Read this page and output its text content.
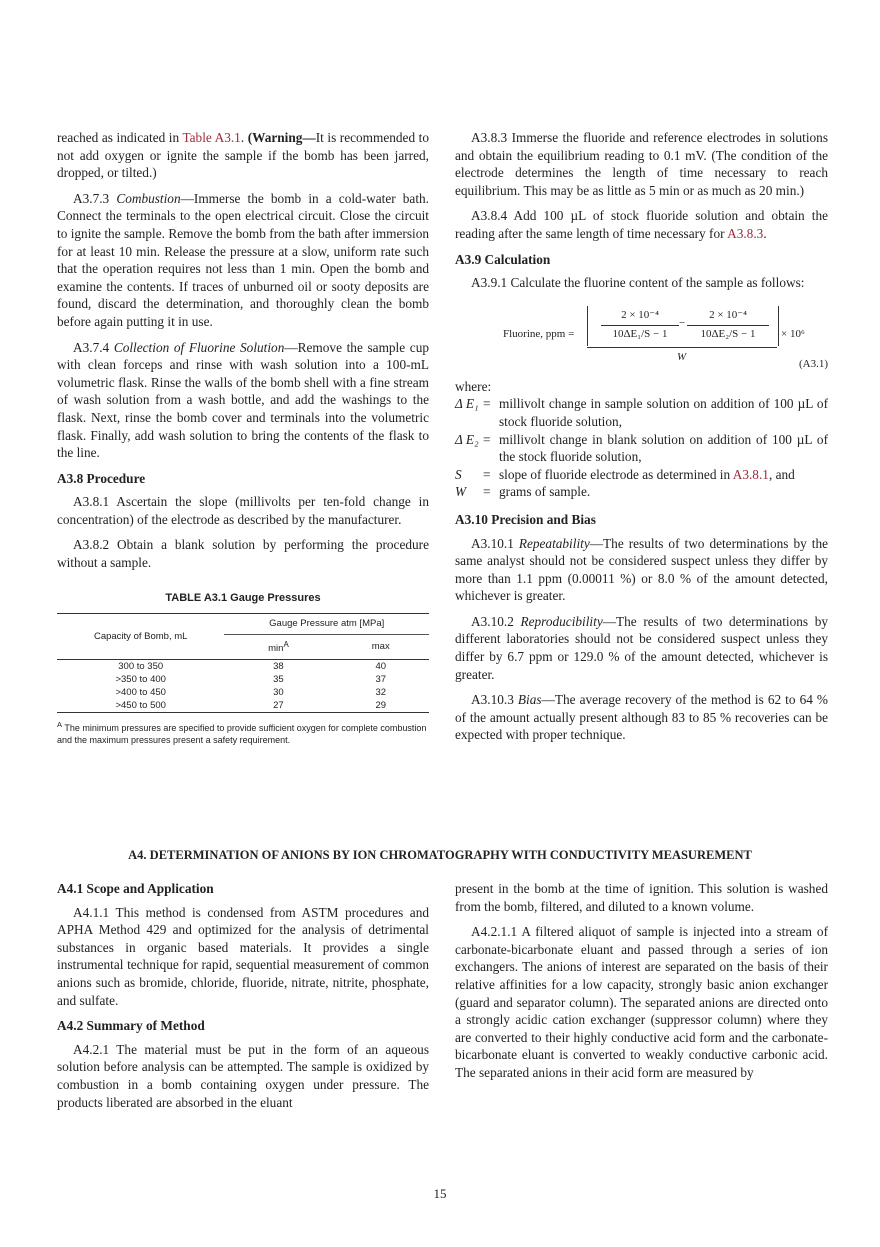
reached as indicated in Table A3.1. (Warning—It is recommended to not add oxygen or ignite the sample if the bomb has been jarred, dropped, or tilted.)

A3.7.3 Combustion—Immerse the bomb in a cold-water bath. Connect the terminals to the open electrical circuit. Close the circuit to ignite the sample. Remove the bomb from the bath after immersion for at least 10 min. Release the pressure at a slow, uniform rate such that the operation requires not less than 1 min. Open the bomb and examine the contents. If traces of unburned oil or sooty deposits are found, discard the determination, and thoroughly clean the bomb before again putting it in use.

A3.7.4 Collection of Fluorine Solution—Remove the sample cup with clean forceps and rinse with wash solution into a 100-mL volumetric flask. Rinse the walls of the bomb shell with a fine stream of wash solution from a wash bottle, and add the washings to the flask. Next, rinse the bomb cover and terminals into the volumetric flask. Finally, add wash solution to bring the contents of the flask to the line.

A3.8 Procedure

A3.8.1 Ascertain the slope (millivolts per ten-fold change in concentration) of the electrode as described by the manufacturer.

A3.8.2 Obtain a blank solution by performing the procedure without a sample.

TABLE A3.1 Gauge Pressures
Capacity of Bomb, mL	Gauge Pressure atm [MPa]	
	$\min^A$	max
300 to 350	38	40
>350 to 400	35	37
>400 to 450	30	32
>450 to 500	27	29
$^A$ The minimum pressures are specified to provide sufficient oxygen for complete combustion and the maximum pressures present a safety requirement.

A3.8.3 Immerse the fluoride and reference electrodes in solutions and obtain the equilibrium reading to 0.1 mV. (The condition of the electrode determines the length of time necessary to reach equilibrium. This may be as little as 5 min or as much as 20 min.)

A3.8.4 Add 100 µL of stock fluoride solution and obtain the reading after the same length of time necessary for A3.8.3.

A3.9 Calculation

A3.9.1 Calculate the fluorine content of the sample as follows:

Fluorine, ppm = $\frac{\text{2 × 10⁻⁴}}{\text{10ΔE₁/S − 1}} - \frac{\text{2 × 10⁻⁴}}{\text{10ΔE₂/S − 1}}$
W
× 10⁶
(A3.1)
where:
Δ E₁ = millivolt change in sample solution on addition of 100 µL of stock fluoride solution,
Δ E₂ = millivolt change in blank solution on addition of 100 µL of the stock fluoride solution,
S	= slope of fluoride electrode as determined in A3.8.1, and
W	= grams of sample.
A3.10 Precision and Bias

A3.10.1 Repeatability—The results of two determinations by the same analyst should not be considered suspect unless they differ by more than 1.1 ppm (0.00011 %) or 8.0 % of the amount detected, whichever is greater.

A3.10.2 Reproducibility—The results of two determinations by different laboratories should not be considered suspect unless they differ by 6.7 ppm or 129.0 % of the amount detected, whichever is greater.

A3.10.3 Bias—The average recovery of the method is 62 to 64 % of the amount actually present although 83 to 85 % recoveries can be expected with proper technique.

A4. DETERMINATION OF ANIONS BY ION CHROMATOGRAPHY WITH CONDUCTIVITY MEASUREMENT
A4.1 Scope and Application

A4.1.1 This method is condensed from ASTM procedures and APHA Method 429 and optimized for the analysis of detrimental substances in organic based materials. It provides a single instrumental technique for rapid, sequential measurement of common anions such as bromide, chloride, fluoride, nitrate, nitrite, phosphate, and sulfate.

A4.2 Summary of Method

A4.2.1 The material must be put in the form of an aqueous solution before analysis can be attempted. The sample is oxidized by combustion in a bomb containing oxygen under pressure. The products liberated are absorbed in the eluant

present in the bomb at the time of ignition. This solution is washed from the bomb, filtered, and diluted to a known volume.

A4.2.1.1 A filtered aliquot of sample is injected into a stream of carbonate-bicarbonate eluant and passed through a series of ion exchangers. The anions of interest are separated on the basis of their relative affinities for a low capacity, strongly basic anion exchanger (guard and separator column). The separated anions are directed onto a strongly acidic cation exchanger (suppressor column) where they are converted to their highly conductive acid form and the carbonate-bicarbonate eluant is converted to weakly conductive carbonic acid. The separated anions in their acid form are measured by

15
